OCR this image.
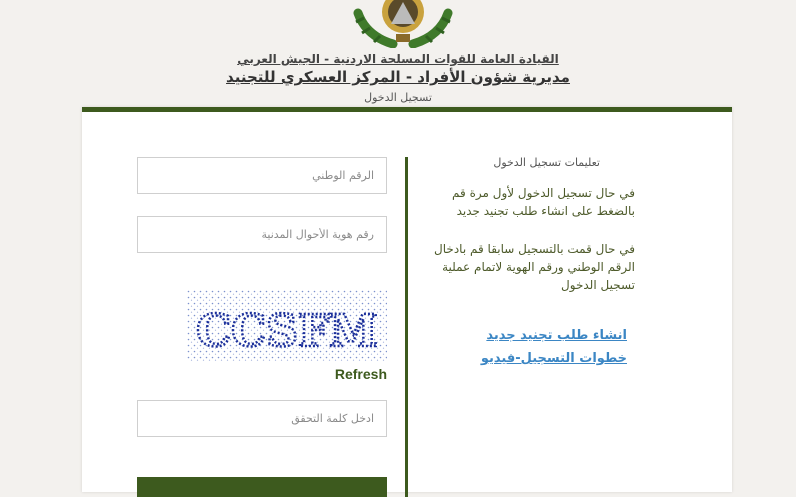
القيادة العامة للقوات المسلحة الاردنية - الجيش العربي
مديرية شؤون الأفراد - المركز العسكري للتجنيد
تسجيل الدخول
الرقم الوطني
رقم هوية الأحوال المدنية
CCSFM
Refresh
ادخل كلمة التحقق
تعليمات تسجيل الدخول

في حال تسجيل الدخول لأول مرة قم بالضغط على انشاء طلب تجنيد جديد

في حال قمت بالتسجيل سابقا قم بادخال الرقم الوطني ورقم الهوية لاتمام عملية تسجيل الدخول

انشاء طلب تجنيد جديد
خطوات التسجيل-فيديو
